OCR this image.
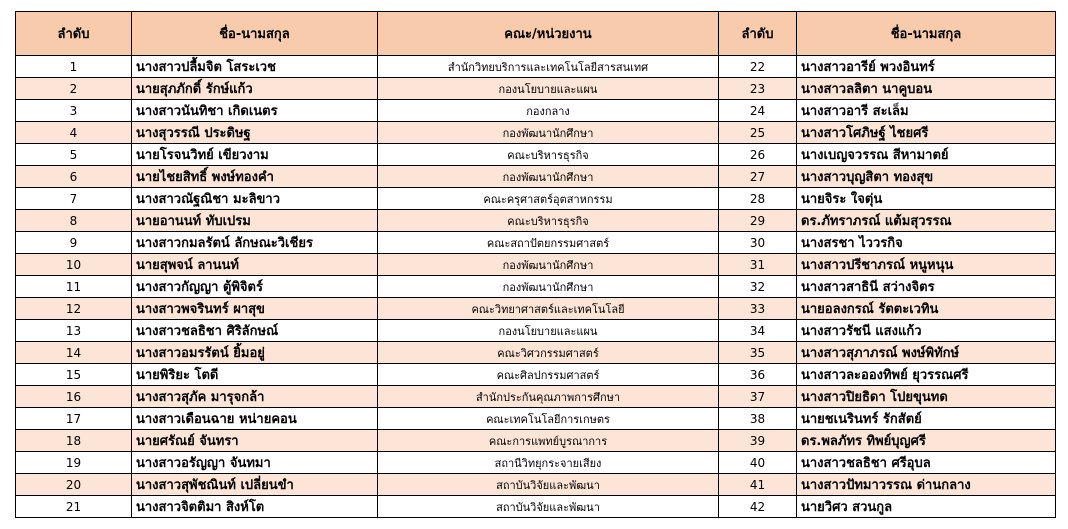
ลำดับ	ชื่อ-นามสกุล	คณะ/หน่วยงาน	ลำดับ	ชื่อ-นามสกุล
1	นางสาวปลื้มจิต โสระเวช	สำนักวิทยบริการและเทคโนโลยีสารสนเทศ	22	นางสาวอารีย์ พวงอินทร์
2	นายสุภภักดิ์ รักษ์แก้ว	กองนโยบายและแผน	23	นางสาวลลิตา นาคูบอน
3	นางสาวนันทิชา เกิดเนตร	กองกลาง	24	นางสาวอารี สะเล็ม
4	นางสุวรรณี ประดิษฐ	กองพัฒนานักศึกษา	25	นางสาวโศภิษฐ์ ไชยศรี
5	นายโรจนวิทย์ เขียวงาม	คณะบริหารธุรกิจ	26	นางเบญจวรรณ สีหามาตย์
6	นายไชยสิทธิ์ พงษ์ทองคำ	กองพัฒนานักศึกษา	27	นางสาวบุญสิตา ทองสุข
7	นางสาวณัฐณิชา มะลิขาว	คณะครุศาสตร์อุตสาหกรรม	28	นายจิระ ใจตุ่น
8	นายอานนท์ ทับเปรม	คณะบริหารธุรกิจ	29	ดร.ภัทราภรณ์ แต้มสุวรรณ
9	นางสาวกมลรัตน์ ลักษณะวิเชียร	คณะสถาปัตยกรรมศาสตร์	30	นางสรชา ไววรกิจ
10	นายสุพจน์ ลานนท์	กองพัฒนานักศึกษา	31	นางสาวปรีชาภรณ์ หนูหนุน
11	นางสาวกัญญา ตู้พิจิตร์	กองพัฒนานักศึกษา	32	นางสาวสาธินี สว่างจิตร
12	นางสาวพจรินทร์ ผาสุข	คณะวิทยาศาสตร์และเทคโนโลยี	33	นายอลงกรณ์ รัตตะเวทิน
13	นางสาวชลธิชา ศิริลักษณ์	กองนโยบายและแผน	34	นางสาวรัชนี แสงแก้ว
14	นางสาวอมรรัตน์ ยิ้มอยู่	คณะวิศวกรรมศาสตร์	35	นางสาวสุภาภรณ์ พงษ์พิทักษ์
15	นายพิริยะ โตดี	คณะศิลปกรรมศาสตร์	36	นางสาวละอองทิพย์ ยุวรรณศรี
16	นางสาวสุภัค มารุจกล้า	สำนักประกันคุณภาพการศึกษา	37	นางสาวปิยธิดา โปยขุนทด
17	นางสาวเดือนฉาย หน่ายคอน	คณะเทคโนโลยีการเกษตร	38	นายชเนรินทร์ รักสัตย์
18	นายศรัณย์ จันทรา	คณะการแพทย์บูรณาการ	39	ดร.พลภัทร ทิพย์บุญศรี
19	นางสาวอรัญญา จันทมา	สถานีวิทยุกระจายเสียง	40	นางสาวชลธิชา ศรีอุบล
20	นางสาวสุพัชณินท์ เปลี่ยนขำ	สถาบันวิจัยและพัฒนา	41	นางสาวปัทมาวรรณ ด่านกลาง
21	นางสาวจิตติมา สิงห์โต	สถาบันวิจัยและพัฒนา	42	นายวิศว สวนกูล
